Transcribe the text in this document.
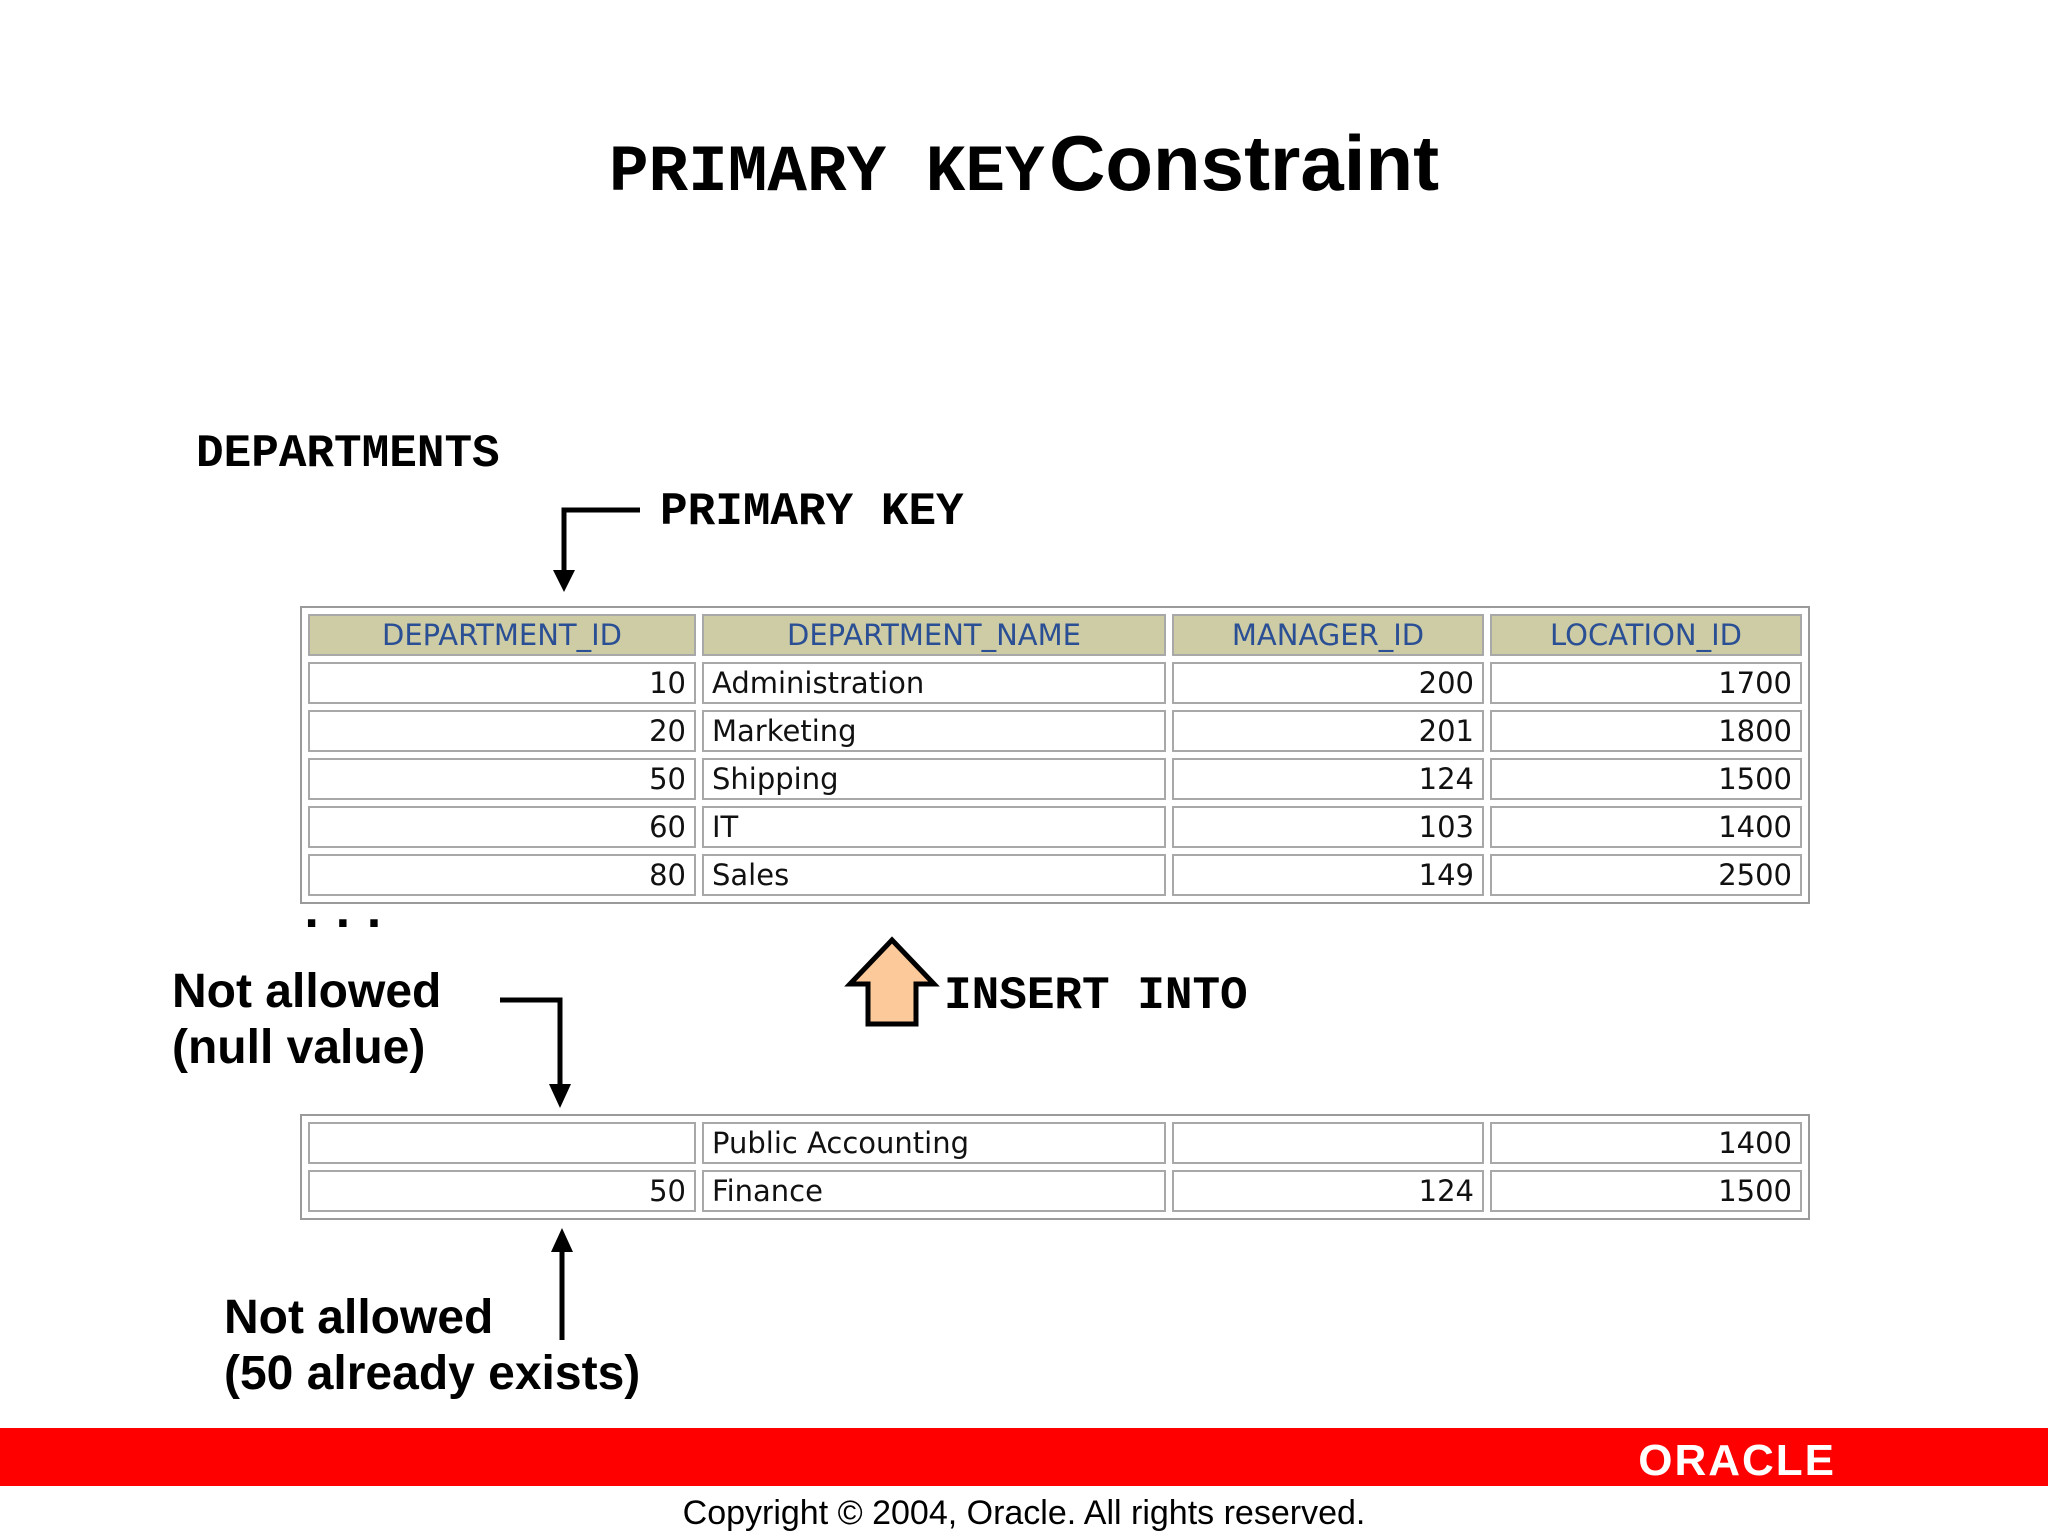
PRIMARY KEY Constraint
DEPARTMENTS
PRIMARY KEY
DEPARTMENT_ID	DEPARTMENT_NAME	MANAGER_ID	LOCATION_ID
10	Administration	200	1700
20	Marketing	201	1800
50	Shipping	124	1500
60	IT	103	1400
80	Sales	149	2500
...
INSERT INTO
Not allowed
(null value)
	Public Accounting		1400
50	Finance	124	1500
Not allowed
(50 already exists)
ORACLE
Copyright © 2004, Oracle. All rights reserved.
